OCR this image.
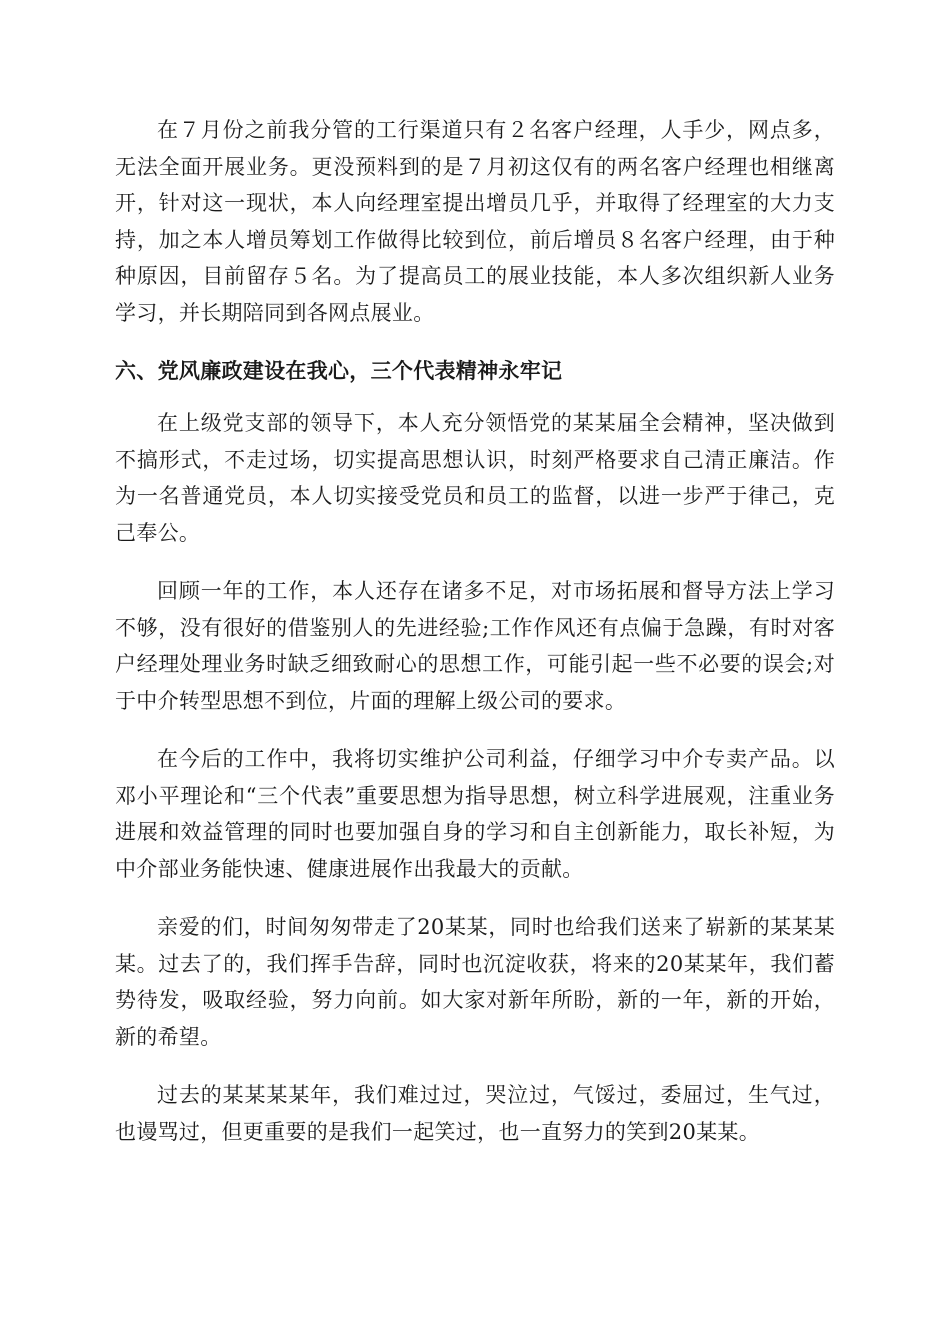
在７月份之前我分管的工行渠道只有２名客户经理，人手少，网点多，无法全面开展业务。更没预料到的是７月初这仅有的两名客户经理也相继离开，针对这一现状，本人向经理室提出增员几乎，并取得了经理室的大力支持，加之本人增员筹划工作做得比较到位，前后增员８名客户经理，由于种种原因，目前留存５名。为了提高员工的展业技能，本人多次组织新人业务学习，并长期陪同到各网点展业。

六、党风廉政建设在我心，三个代表精神永牢记

在上级党支部的领导下，本人充分领悟党的某某届全会精神，坚决做到不搞形式，不走过场，切实提高思想认识，时刻严格要求自己清正廉洁。作为一名普通党员，本人切实接受党员和员工的监督，以进一步严于律己，克己奉公。

回顾一年的工作，本人还存在诸多不足，对市场拓展和督导方法上学习不够，没有很好的借鉴别人的先进经验;工作作风还有点偏于急躁，有时对客户经理处理业务时缺乏细致耐心的思想工作，可能引起一些不必要的误会;对于中介转型思想不到位，片面的理解上级公司的要求。

在今后的工作中，我将切实维护公司利益，仔细学习中介专卖产品。以邓小平理论和“三个代表”重要思想为指导思想，树立科学进展观，注重业务进展和效益管理的同时也要加强自身的学习和自主创新能力，取长补短，为中介部业务能快速、健康进展作出我最大的贡献。

亲爱的们，时间匆匆带走了20某某，同时也给我们送来了崭新的某某某某。过去了的，我们挥手告辞，同时也沉淀收获，将来的20某某年，我们蓄势待发，吸取经验，努力向前。如大家对新年所盼，新的一年，新的开始，新的希望。

过去的某某某某年，我们难过过，哭泣过，气馁过，委屈过，生气过，也谩骂过，但更重要的是我们一起笑过，也一直努力的笑到20某某。
